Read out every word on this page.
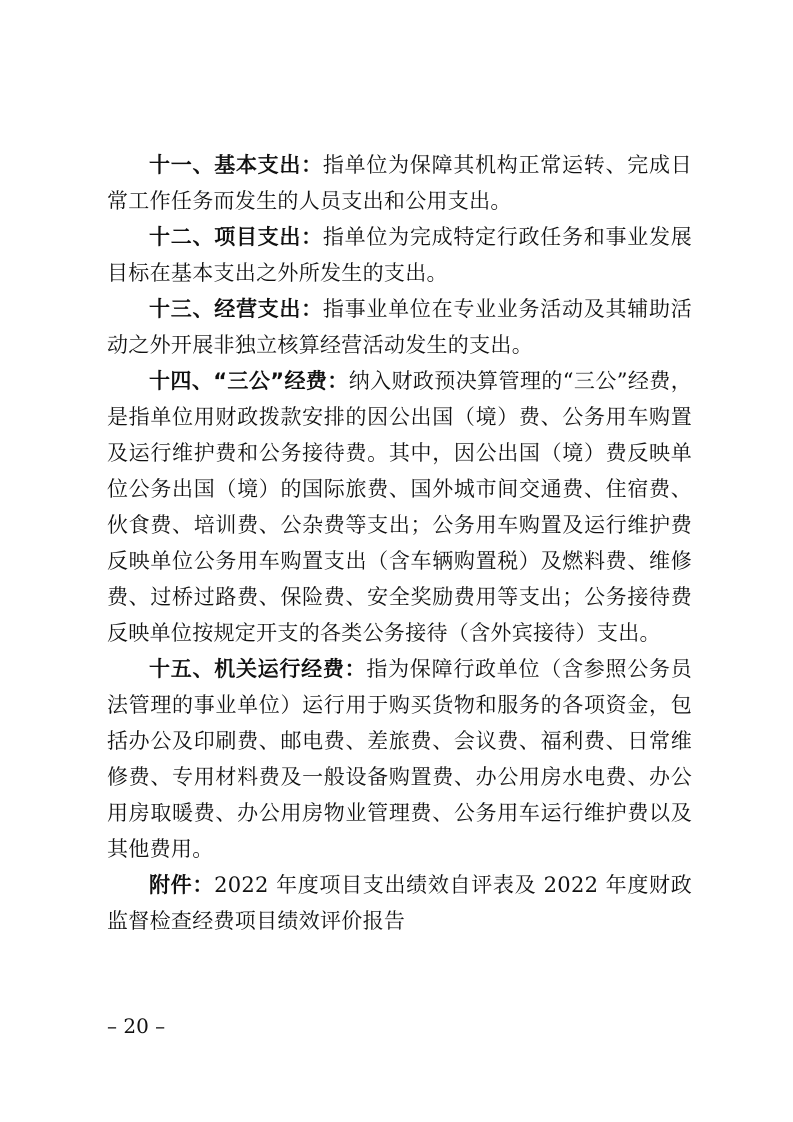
十一、基本支出：指单位为保障其机构正常运转、完成日常工作任务而发生的人员支出和公用支出。

十二、项目支出：指单位为完成特定行政任务和事业发展目标在基本支出之外所发生的支出。

十三、经营支出：指事业单位在专业业务活动及其辅助活动之外开展非独立核算经营活动发生的支出。

十四、“三公”经费：纳入财政预决算管理的“三公”经费，是指单位用财政拨款安排的因公出国（境）费、公务用车购置及运行维护费和公务接待费。其中，因公出国（境）费反映单位公务出国（境）的国际旅费、国外城市间交通费、住宿费、伙食费、培训费、公杂费等支出；公务用车购置及运行维护费反映单位公务用车购置支出（含车辆购置税）及燃料费、维修费、过桥过路费、保险费、安全奖励费用等支出；公务接待费反映单位按规定开支的各类公务接待（含外宾接待）支出。

十五、机关运行经费：指为保障行政单位（含参照公务员法管理的事业单位）运行用于购买货物和服务的各项资金，包括办公及印刷费、邮电费、差旅费、会议费、福利费、日常维修费、专用材料费及一般设备购置费、办公用房水电费、办公用房取暖费、办公用房物业管理费、公务用车运行维护费以及其他费用。

附件：2022 年度项目支出绩效自评表及 2022 年度财政监督检查经费项目绩效评价报告

– 20 –
